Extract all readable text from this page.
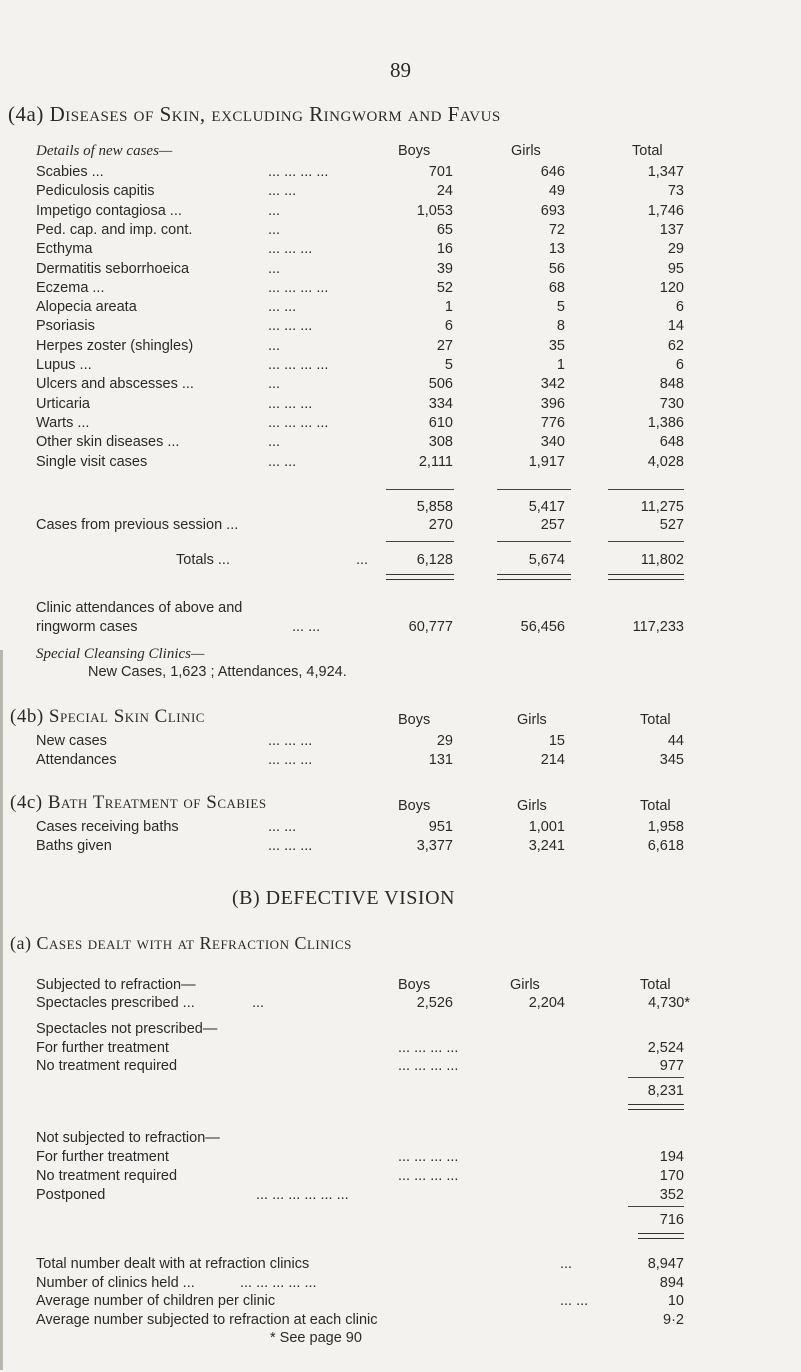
89
(4a) Diseases of Skin, excluding Ringworm and Favus
Details of new cases—	Boys	Girls	Total
Scabies ...	... ... ... ...	701	646	1,347
Pediculosis capitis	... ...	24	49	73
Impetigo contagiosa ...	...	1,053	693	1,746
Ped. cap. and imp. cont.	...	65	72	137
Ecthyma	... ... ...	16	13	29
Dermatitis seborrhoeica	...	39	56	95
Eczema ...	... ... ... ...	52	68	120
Alopecia areata	... ...	1	5	6
Psoriasis	... ... ...	6	8	14
Herpes zoster (shingles)	...	27	35	62
Lupus ...	... ... ... ...	5	1	6
Ulcers and abscesses ...	...	506	342	848
Urticaria	... ... ...	334	396	730
Warts ...	... ... ... ...	610	776	1,386
Other skin diseases ...	...	308	340	648
Single visit cases	... ...	2,111	1,917	4,028
5,858	5,417	11,275
Cases from previous session ...	270	257	527
Totals ...	...	6,128	5,674	11,802
Clinic attendances of above and
ringworm cases	... ...	60,777	56,456	117,233
Special Cleansing Clinics—
New Cases, 1,623 ; Attendances, 4,924.
(4b) Special Skin Clinic	Boys	Girls	Total
New cases	... ... ...	29	15	44
Attendances	... ... ...	131	214	345
(4c) Bath Treatment of Scabies	Boys	Girls	Total
Cases receiving baths	... ...	951	1,001	1,958
Baths given	... ... ...	3,377	3,241	6,618
(B) DEFECTIVE VISION
(a) Cases dealt with at Refraction Clinics
Subjected to refraction—	Boys	Girls	Total
Spectacles prescribed ...	...	2,526	2,204	4,730*
Spectacles not prescribed—
For further treatment	... ... ... ...	2,524
No treatment required	... ... ... ...	977
8,231
Not subjected to refraction—
For further treatment	... ... ... ...	194
No treatment required	... ... ... ...	170
Postponed	... ... ... ... ... ...	352
716
Total number dealt with at refraction clinics	...	8,947
Number of clinics held ...	... ... ... ... ...	894
Average number of children per clinic	... ...	10
Average number subjected to refraction at each clinic	9·2
* See page 90
